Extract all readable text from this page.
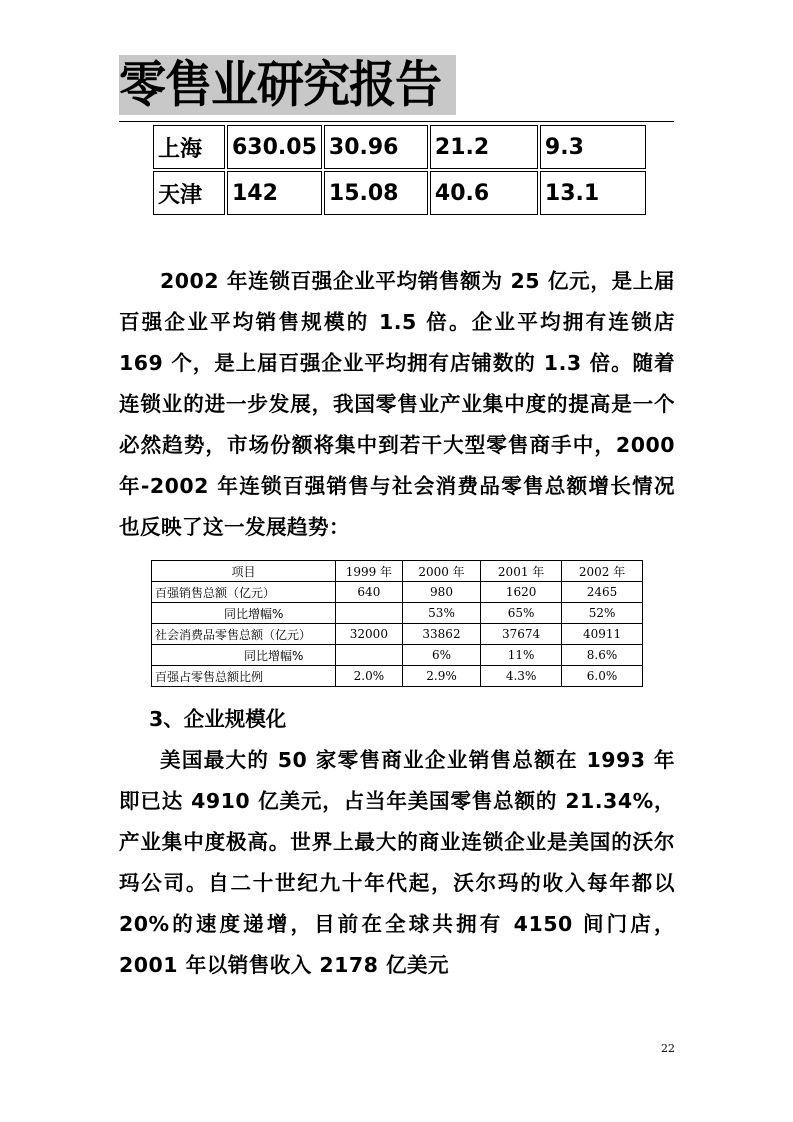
零售业研究报告
上海	630.05	30.96	21.2	9.3
天津	142	15.08	40.6	13.1

2002 年连锁百强企业平均销售额为 25 亿元，是上届百强企业平均销售规模的 1.5 倍。企业平均拥有连锁店 169 个，是上届百强企业平均拥有店铺数的 1.3 倍。随着连锁业的进一步发展，我国零售业产业集中度的提高是一个必然趋势，市场份额将集中到若干大型零售商手中，2000 年-2002 年连锁百强销售与社会消费品零售总额增长情况也反映了这一发展趋势：

项目	1999 年	2000 年	2001 年	2002 年
百强销售总额（亿元）	640	980	1620	2465
同比增幅%		53%	65%	52%
社会消费品零售总额（亿元）	32000	33862	37674	40911
同比增幅%		6%	11%	8.6%
百强占零售总额比例	2.0%	2.9%	4.3%	6.0%
3、企业规模化

美国最大的 50 家零售商业企业销售总额在 1993 年即已达 4910 亿美元，占当年美国零售总额的 21.34%，产业集中度极高。世界上最大的商业连锁企业是美国的沃尔玛公司。自二十世纪九十年代起，沃尔玛的收入每年都以 20%的速度递增，目前在全球共拥有 4150 间门店，2001 年以销售收入 2178 亿美元

22
